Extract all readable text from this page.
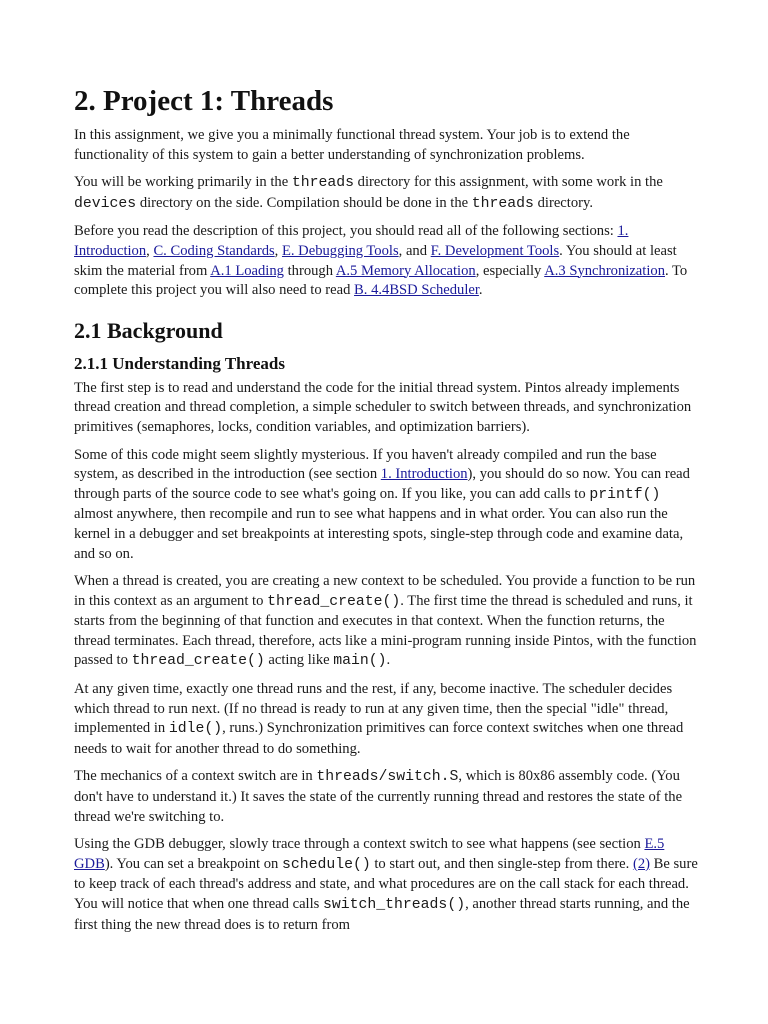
2. Project 1: Threads

In this assignment, we give you a minimally functional thread system. Your job is to extend the functionality of this system to gain a better understanding of synchronization problems.

You will be working primarily in the threads directory for this assignment, with some work in the devices directory on the side. Compilation should be done in the threads directory.

Before you read the description of this project, you should read all of the following sections: 1. Introduction, C. Coding Standards, E. Debugging Tools, and F. Development Tools. You should at least skim the material from A.1 Loading through A.5 Memory Allocation, especially A.3 Synchronization. To complete this project you will also need to read B. 4.4BSD Scheduler.

2.1 Background
2.1.1 Understanding Threads

The first step is to read and understand the code for the initial thread system. Pintos already implements thread creation and thread completion, a simple scheduler to switch between threads, and synchronization primitives (semaphores, locks, condition variables, and optimization barriers).

Some of this code might seem slightly mysterious. If you haven't already compiled and run the base system, as described in the introduction (see section 1. Introduction), you should do so now. You can read through parts of the source code to see what's going on. If you like, you can add calls to printf() almost anywhere, then recompile and run to see what happens and in what order. You can also run the kernel in a debugger and set breakpoints at interesting spots, single-step through code and examine data, and so on.

When a thread is created, you are creating a new context to be scheduled. You provide a function to be run in this context as an argument to thread_create(). The first time the thread is scheduled and runs, it starts from the beginning of that function and executes in that context. When the function returns, the thread terminates. Each thread, therefore, acts like a mini-program running inside Pintos, with the function passed to thread_create() acting like main().

At any given time, exactly one thread runs and the rest, if any, become inactive. The scheduler decides which thread to run next. (If no thread is ready to run at any given time, then the special "idle" thread, implemented in idle(), runs.) Synchronization primitives can force context switches when one thread needs to wait for another thread to do something.

The mechanics of a context switch are in threads/switch.S, which is 80x86 assembly code. (You don't have to understand it.) It saves the state of the currently running thread and restores the state of the thread we're switching to.

Using the GDB debugger, slowly trace through a context switch to see what happens (see section E.5 GDB). You can set a breakpoint on schedule() to start out, and then single-step from there. (2) Be sure to keep track of each thread's address and state, and what procedures are on the call stack for each thread. You will notice that when one thread calls switch_threads(), another thread starts running, and the first thing the new thread does is to return from
